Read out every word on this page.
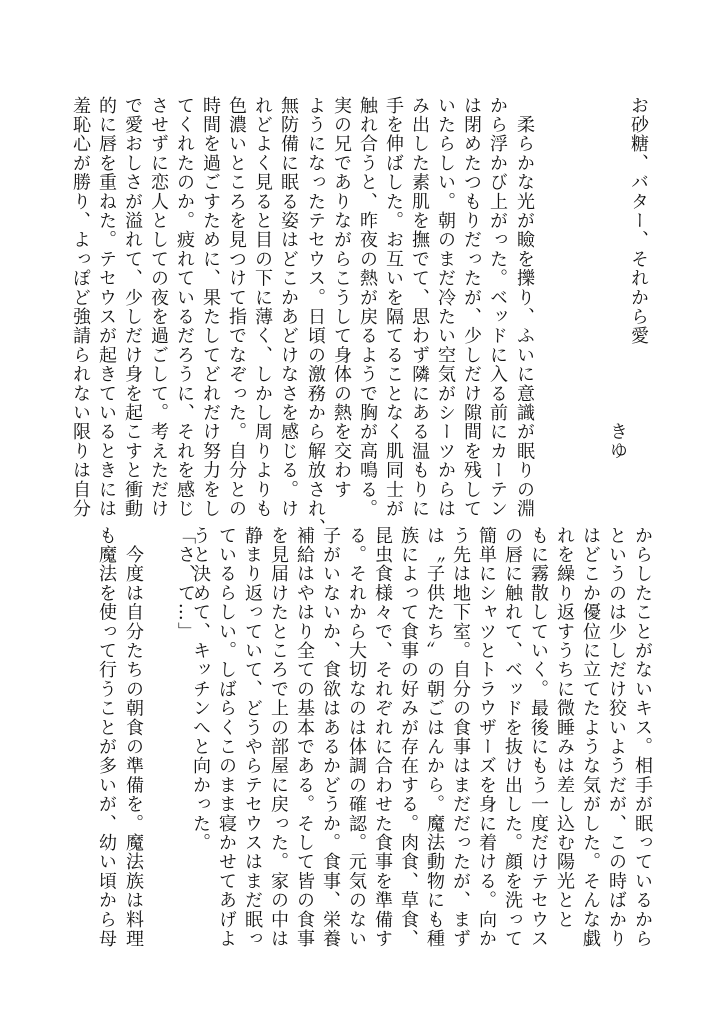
お砂糖、バター、それから愛
きゆ
　柔らかな光が瞼を擽り、ふいに意識が眠りの淵
から浮かび上がった。ベッドに入る前にカーテン
は閉めたつもりだったが、少しだけ隙間を残して
いたらしい。朝のまだ冷たい空気がシーツからは
み出した素肌を撫でて、思わず隣にある温もりに
手を伸ばした。お互いを隔てることなく肌同士が
触れ合うと、昨夜の熱が戻るようで胸が高鳴る。
実の兄でありながらこうして身体の熱を交わす
ようになったテセウス。日頃の激務から解放され、
無防備に眠る姿はどこかあどけなさを感じる。け
れどよく見ると目の下に薄く、しかし周りよりも
色濃いところを見つけて指でなぞった。自分との
時間を過ごすために、果たしてどれだけ努力をし
てくれたのか。疲れているだろうに、それを感じ
させずに恋人としての夜を過ごして。考えただけ
で愛おしさが溢れて、少しだけ身を起こすと衝動
的に唇を重ねた。テセウスが起きているときには
羞恥心が勝り、よっぽど強請られない限りは自分
からしたことがないキス。相手が眠っているから
というのは少しだけ狡いようだが、この時ばかり
はどこか優位に立てたような気がした。そんな戯
れを繰り返すうちに微睡みは差し込む陽光とと
もに霧散していく。最後にもう一度だけテセウス
の唇に触れて、ベッドを抜け出した。顔を洗って
簡単にシャツとトラウザーズを身に着ける。向か
う先は地下室。自分の食事はまだだったが、まず
は〝子供たち〟の朝ごはんから。魔法動物にも種
族によって食事の好みが存在する。肉食、草食、
昆虫食様々で、それぞれに合わせた食事を準備す
る。それから大切なのは体調の確認。元気のない
子がいないか、食欲はあるかどうか。食事、栄養
補給はやはり全ての基本である。そして皆の食事
を見届けたところで上の部屋に戻った。家の中は
静まり返っていて、どうやらテセウスはまだ眠っ
ているらしい。しばらくこのまま寝かせてあげよ
うと決めて、キッチンへと向かった。
「さ、て…」
　今度は自分たちの朝食の準備を。魔法族は料理
も魔法を使って行うことが多いが、幼い頃から母
